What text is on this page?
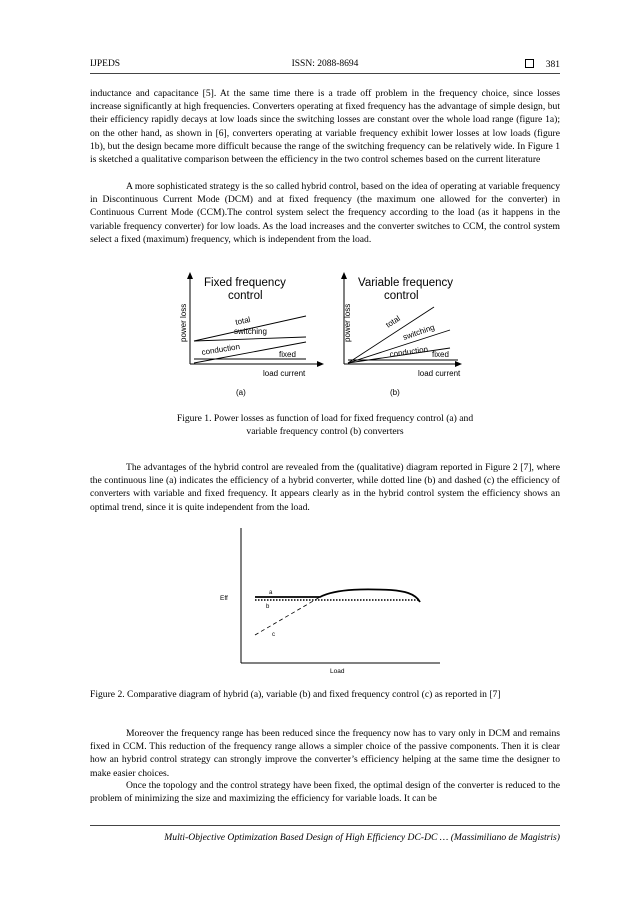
IJPEDS	ISSN: 2088-8694	381

inductance and capacitance [5]. At the same time there is a trade off problem in the frequency choice, since losses increase significantly at high frequencies. Converters operating at fixed frequency has the advantage of simple design, but their efficiency rapidly decays at low loads since the switching losses are constant over the whole load range (figure 1a); on the other hand, as shown in [6], converters operating at variable frequency exhibit lower losses at low loads (figure 1b), but the design became more difficult because the range of the switching frequency can be relatively wide. In Figure 1 is sketched a qualitative comparison between the efficiency in the two control schemes based on the current literature

A more sophisticated strategy is the so called hybrid control, based on the idea of operating at variable frequency in Discontinuous Current Mode (DCM) and at fixed frequency (the maximum one allowed for the converter) in Continuous Current Mode (CCM).The control system select the frequency according to the load (as it happens in the variable frequency converter) for low loads. As the load increases and the converter switches to CCM, the control system select a fixed (maximum) frequency, which is independent from the load.

Fixed frequency
control
power loss	total
switching
conduction	fixed
load current
(a)
Variable frequency
control
power loss	total
switching
conduction fixed
load current
(b)
Figure 1. Power losses as function of load for fixed frequency control (a) and
variable frequency control (b) converters

The advantages of the hybrid control are revealed from the (qualitative) diagram reported in Figure 2 [7], where the continuous line (a) indicates the efficiency of a hybrid converter, while dotted line (b) and dashed (c) the efficiency of converters with variable and fixed frequency. It appears clearly as in the hybrid control system the efficiency shows an optimal trend, since it is quite independent from the load.

Eff
Load
a
b
c
Figure 2. Comparative diagram of hybrid (a), variable (b) and fixed frequency control (c) as reported in [7]

Moreover the frequency range has been reduced since the frequency now has to vary only in DCM and remains fixed in CCM. This reduction of the frequency range allows a simpler choice of the passive components. Then it is clear how an hybrid control strategy can strongly improve the converter’s efficiency helping at the same time the designer to make easier choices.

Once the topology and the control strategy have been fixed, the optimal design of the converter is reduced to the problem of minimizing the size and maximizing the efficiency for variable loads. It can be

Multi-Objective Optimization Based Design of High Efficiency DC-DC … (Massimiliano de Magistris)
